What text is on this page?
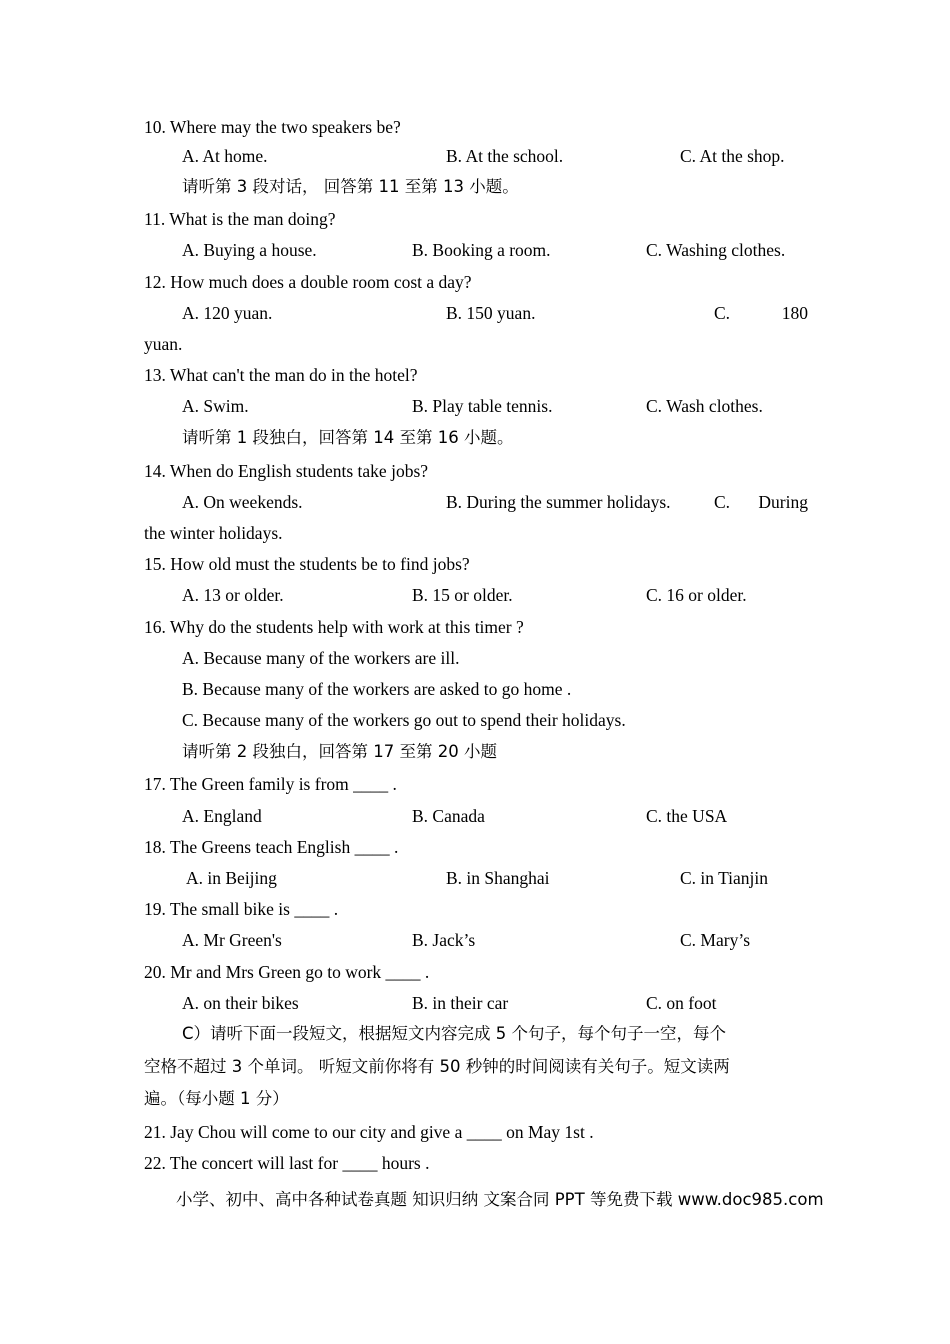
10. Where may the two speakers be?
A. At home.	B. At the school.	C. At the shop.
请听第 3 段对话， 回答第 11 至第 13 小题。
11. What is the man doing?
A. Buying a house.	B. Booking a room.	C. Washing clothes.
12. How much does a double room cost a day?
A. 120 yuan.	B. 150 yuan.	C.	180
yuan.
13. What can't the man do in the hotel?
A. Swim.	B. Play table tennis.	C. Wash clothes.
请听第 1 段独白，回答第 14 至第 16 小题。
14. When do English students take jobs?
A. On weekends.	B. During the summer holidays. C. During
the winter holidays.
15. How old must the students be to find jobs?
A. 13 or older.	B. 15 or older.	C. 16 or older.
16. Why do the students help with work at this timer ?
A. Because many of the workers are ill.
B. Because many of the workers are asked to go home .
C. Because many of the workers go out to spend their holidays.
请听第 2 段独白，回答第 17 至第 20 小题
17. The Green family is from ____ .
A. England	B. Canada	C. the USA
18. The Greens teach English ____ .
A. in Beijing	B. in Shanghai	C. in Tianjin
19. The small bike is ____ .
A. Mr Green's	B. Jack’s	C. Mary’s
20. Mr and Mrs Green go to work ____ .
A. on their bikes	B. in their car	C. on foot
C）请听下面一段短文，根据短文内容完成 5 个句子，每个句子一空，每个
空格不超过 3 个单词。 听短文前你将有 50 秒钟的时间阅读有关句子。短文读两
遍。（每小题 1 分）
21. Jay Chou will come to our city and give a ____ on May 1st .
22. The concert will last for ____ hours .
小学、初中、高中各种试卷真题 知识归纳 文案合同 PPT 等免费下载 www.doc985.com
